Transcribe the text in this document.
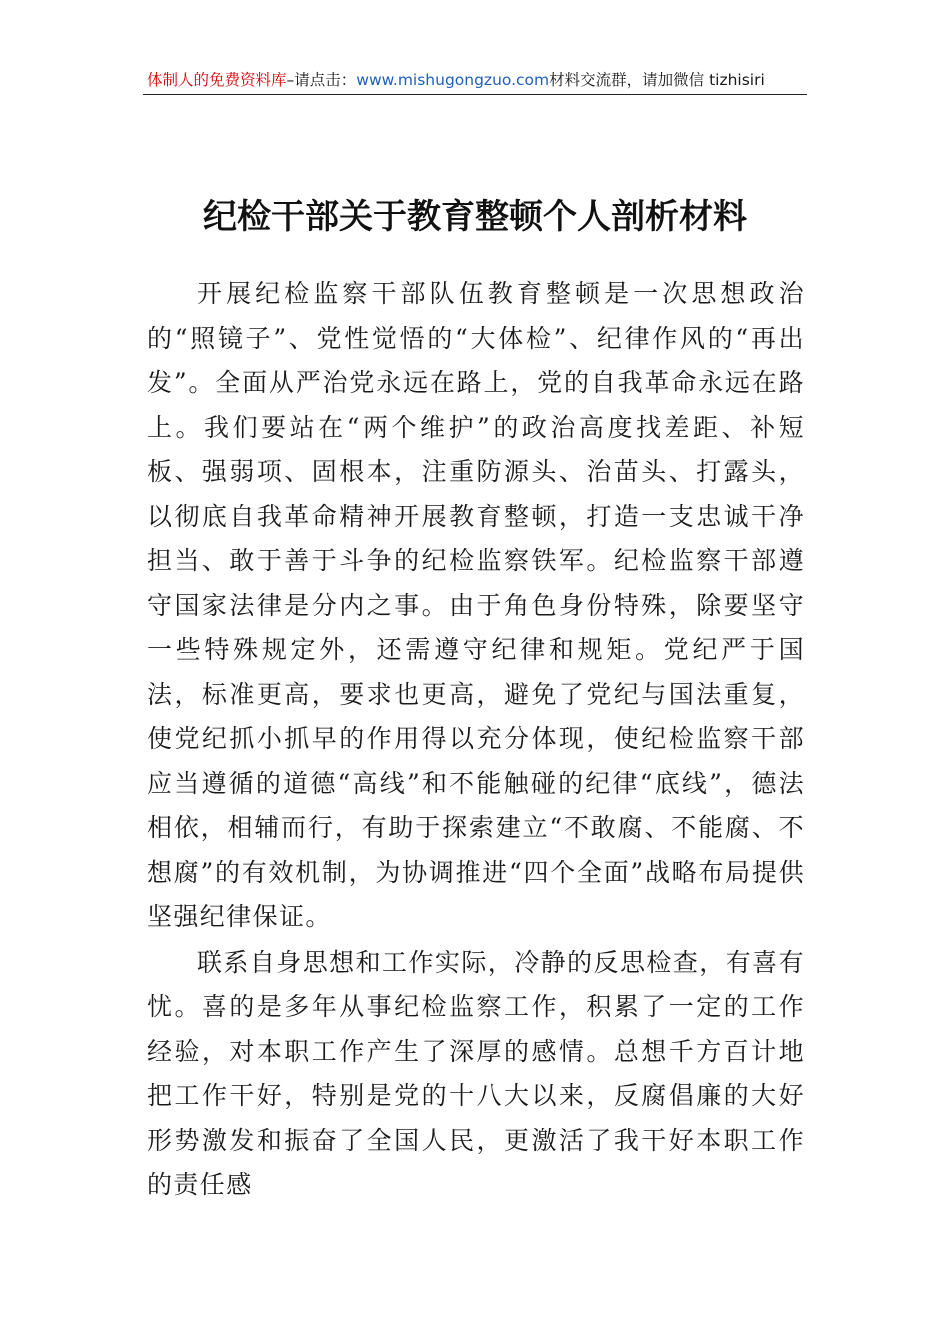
体制人的免费资料库–请点击：www.mishugongzuo.com材料交流群，请加微信 tizhisiri
纪检干部关于教育整顿个人剖析材料

开展纪检监察干部队伍教育整顿是一次思想政治的“照镜子”、党性觉悟的“大体检”、纪律作风的“再出发”。全面从严治党永远在路上，党的自我革命永远在路上。我们要站在“两个维护”的政治高度找差距、补短板、强弱项、固根本，注重防源头、治苗头、打露头，以彻底自我革命精神开展教育整顿，打造一支忠诚干净担当、敢于善于斗争的纪检监察铁军。纪检监察干部遵守国家法律是分内之事。由于角色身份特殊，除要坚守一些特殊规定外，还需遵守纪律和规矩。党纪严于国法，标准更高，要求也更高，避免了党纪与国法重复，使党纪抓小抓早的作用得以充分体现，使纪检监察干部应当遵循的道德“高线”和不能触碰的纪律“底线”，德法相依，相辅而行，有助于探索建立“不敢腐、不能腐、不想腐”的有效机制，为协调推进“四个全面”战略布局提供坚强纪律保证。

联系自身思想和工作实际，冷静的反思检查，有喜有忧。喜的是多年从事纪检监察工作，积累了一定的工作经验，对本职工作产生了深厚的感情。总想千方百计地把工作干好，特别是党的十八大以来，反腐倡廉的大好形势激发和振奋了全国人民，更激活了我干好本职工作的责任感
